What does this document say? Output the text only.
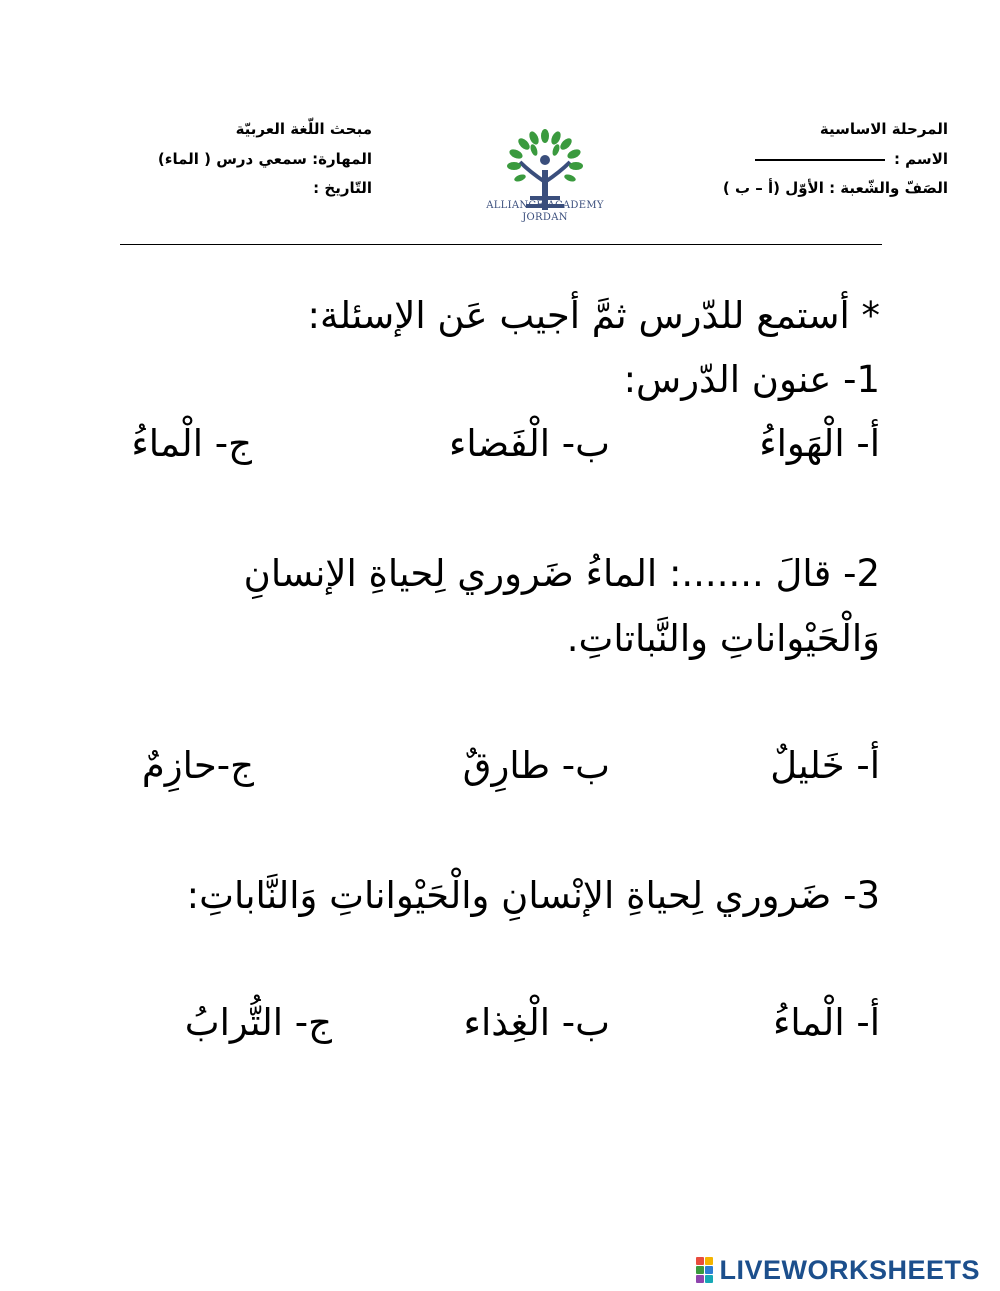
المرحلة الاساسية
الاسم :
الصَفّ والشّعبة : الأوّل (أ – ب )
مبحث اللّغة العربيّة
المهارة: سمعي درس ( الماء)
التّاريخ :
ALLIANCE ACADEMY
JORDAN
* أستمع للدّرس ثمَّ أجيب عَن الإسئلة:
1- عنون الدّرس:
أ- الْهَواءُ
ب- الْفَضاء
ج- الْماءُ
2- قالَ .......: الماءُ ضَروري لِحياةِ الإنسانِ
وَالْحَيْواناتِ والنَّباتاتِ.
أ- خَليلٌ
ب- طارِقٌ
ج-حازِمٌ
3- ضَروري لِحياةِ الإنْسانِ والْحَيْواناتِ وَالنَّاباتِ:
أ- الْماءُ
ب- الْغِذاء
ج- التُّرابُ
LIVEWORKSHEETS
